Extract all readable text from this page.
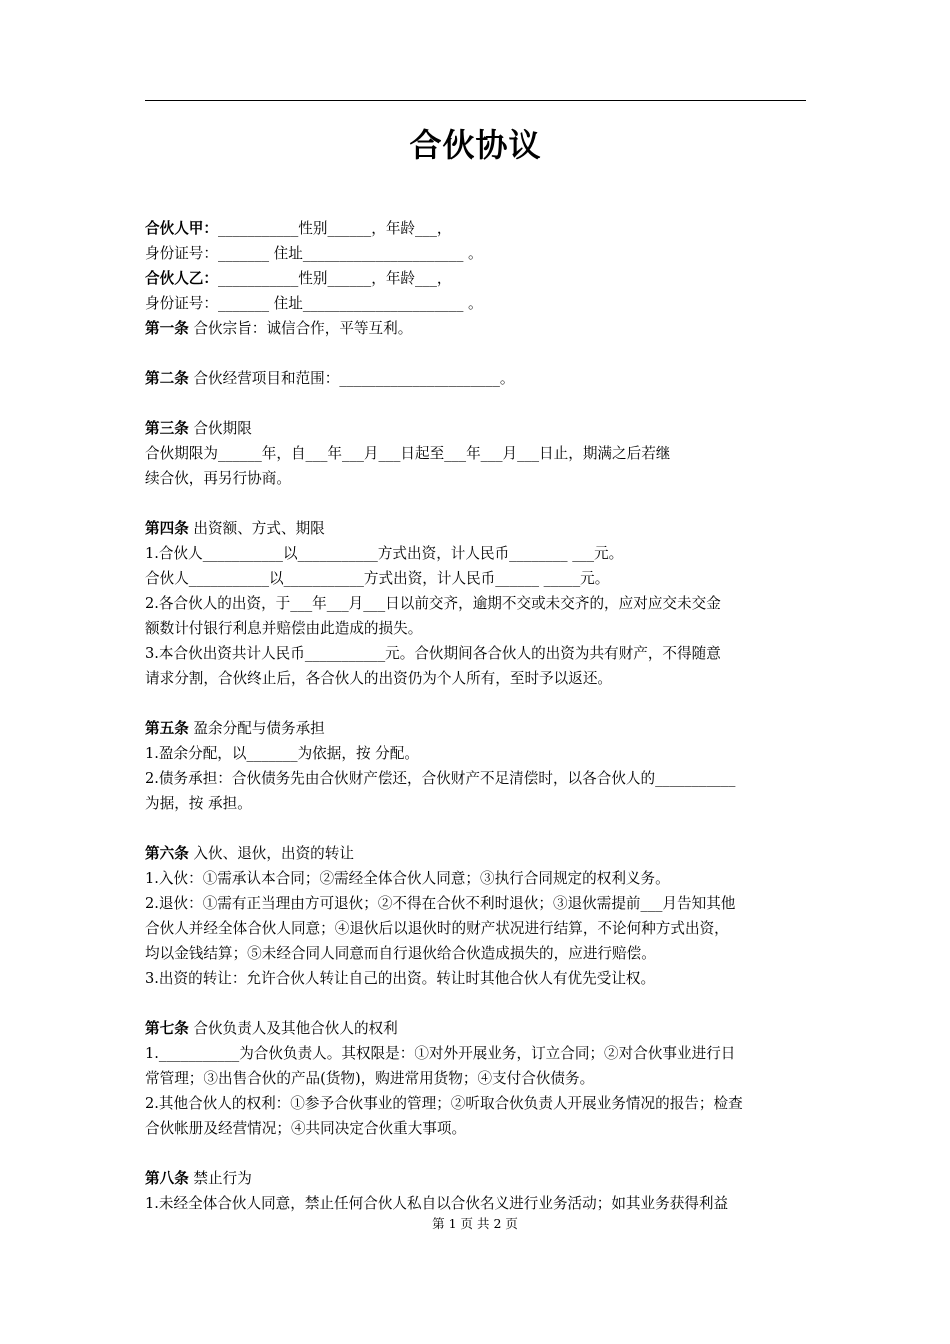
合伙协议

合伙人甲：___________性别______，年龄___，

身份证号：_______ 住址______________________ 。

合伙人乙：___________性别______，年龄___，

身份证号：_______ 住址______________________ 。

第一条 合伙宗旨：诚信合作，平等互利。

第二条 合伙经营项目和范围：______________________。

第三条 合伙期限

合伙期限为______年，自___年___月___日起至___年___月___日止，期满之后若继

续合伙，再另行协商。

第四条 出资额、方式、期限

1.合伙人___________以___________方式出资，计人民币________ ___元。

合伙人___________以___________方式出资，计人民币______ _____元。

2.各合伙人的出资，于___年___月___日以前交齐，逾期不交或未交齐的，应对应交未交金

额数计付银行利息并赔偿由此造成的损失。

3.本合伙出资共计人民币___________元。合伙期间各合伙人的出资为共有财产，不得随意

请求分割，合伙终止后，各合伙人的出资仍为个人所有，至时予以返还。

第五条 盈余分配与债务承担

1.盈余分配，以_______为依据，按 分配。

2.债务承担：合伙债务先由合伙财产偿还，合伙财产不足清偿时，以各合伙人的___________

为据，按 承担。

第六条 入伙、退伙，出资的转让

1.入伙：①需承认本合同；②需经全体合伙人同意；③执行合同规定的权利义务。

2.退伙：①需有正当理由方可退伙；②不得在合伙不利时退伙；③退伙需提前___月告知其他

合伙人并经全体合伙人同意；④退伙后以退伙时的财产状况进行结算，不论何种方式出资，

均以金钱结算；⑤未经合同人同意而自行退伙给合伙造成损失的，应进行赔偿。

3.出资的转让：允许合伙人转让自己的出资。转让时其他合伙人有优先受让权。

第七条 合伙负责人及其他合伙人的权利

1.___________为合伙负责人。其权限是：①对外开展业务，订立合同；②对合伙事业进行日

常管理；③出售合伙的产品(货物)，购进常用货物；④支付合伙债务。

2.其他合伙人的权利：①参予合伙事业的管理；②听取合伙负责人开展业务情况的报告；检查

合伙帐册及经营情况；④共同决定合伙重大事项。

第八条 禁止行为

1.未经全体合伙人同意，禁止任何合伙人私自以合伙名义进行业务活动；如其业务获得利益

第 1 页 共 2 页
